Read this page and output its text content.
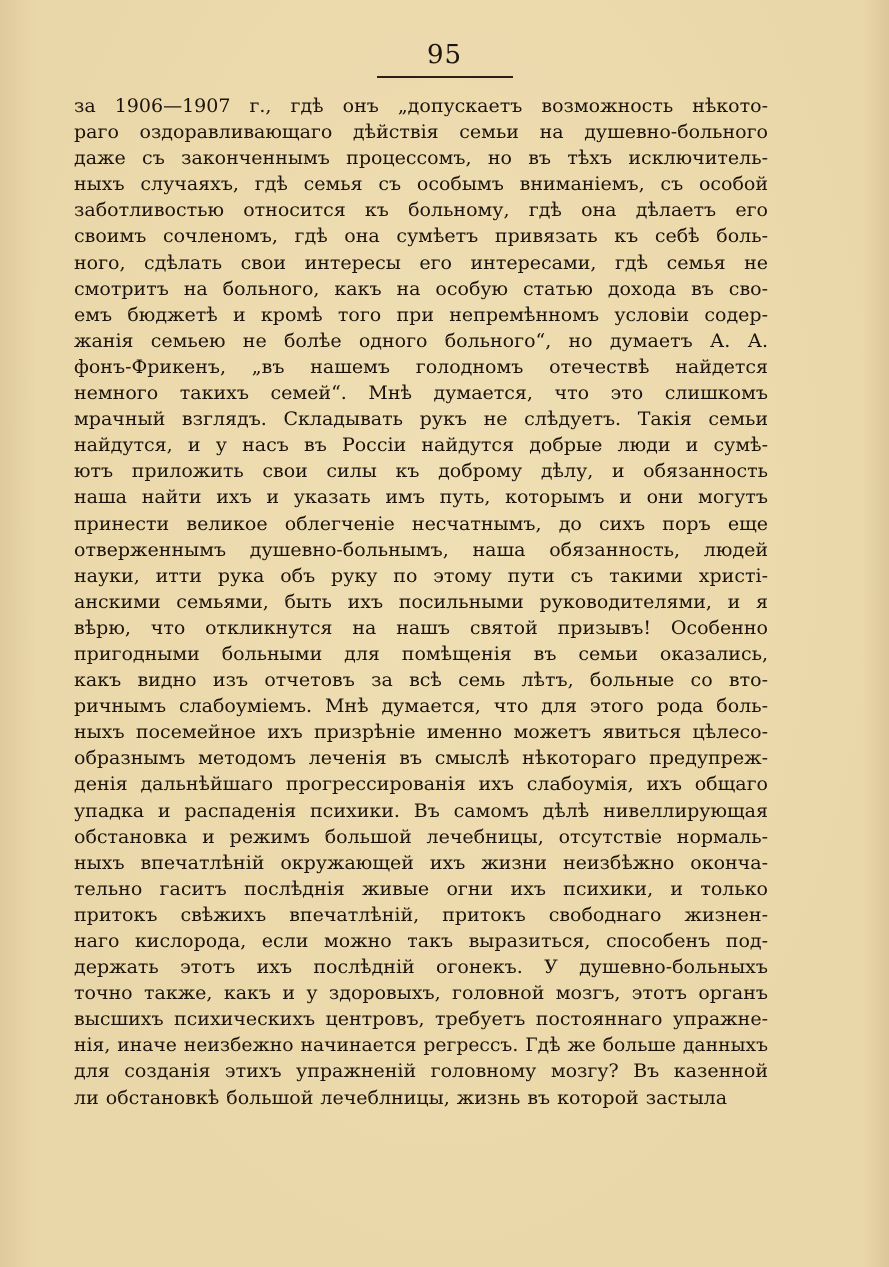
95
за 1906—1907 г., гдѣ онъ „допускаетъ возможность нѣкото-
раго оздоравливающаго дѣйствія семьи на душевно-больного
даже съ законченнымъ процессомъ, но въ тѣхъ исключитель-
ныхъ случаяхъ, гдѣ семья съ особымъ вниманіемъ, съ особой
заботливостью относится къ больному, гдѣ она дѣлаетъ его
своимъ сочленомъ, гдѣ она сумѣетъ привязать къ себѣ боль-
ного, сдѣлать свои интересы его интересами, гдѣ семья не
смотритъ на больного, какъ на особую статью дохода въ сво-
емъ бюджетѣ и кромѣ того при непремѣнномъ условіи содер-
жанія семьею не болѣе одного больного“, но думаетъ А. А.
фонъ-Фрикенъ, „въ нашемъ голодномъ отечествѣ найдется
немного такихъ семей“. Мнѣ думается, что это слишкомъ
мрачный взглядъ. Складывать рукъ не слѣдуетъ. Такія семьи
найдутся, и у насъ въ Россіи найдутся добрые люди и сумѣ-
ютъ приложить свои силы къ доброму дѣлу, и обязанность
наша найти ихъ и указать имъ путь, которымъ и они могутъ
принести великое облегченіе несчатнымъ, до сихъ поръ еще
отверженнымъ душевно-больнымъ, наша обязанность, людей
науки, итти рука объ руку по этому пути съ такими христі-
анскими семьями, быть ихъ посильными руководителями, и я
вѣрю, что откликнутся на нашъ святой призывъ! Особенно
пригодными больными для помѣщенія въ семьи оказались,
какъ видно изъ отчетовъ за всѣ семь лѣтъ, больные со вто-
ричнымъ слабоуміемъ. Мнѣ думается, что для этого рода боль-
ныхъ посемейное ихъ призрѣніе именно можетъ явиться цѣлесо-
образнымъ методомъ леченія въ смыслѣ нѣкотораго предупреж-
денія дальнѣйшаго прогрессированія ихъ слабоумія, ихъ общаго
упадка и распаденія психики. Въ самомъ дѣлѣ нивеллирующая
обстановка и режимъ большой лечебницы, отсутствіе нормаль-
ныхъ впечатлѣній окружающей ихъ жизни неизбѣжно оконча-
тельно гаситъ послѣднія живые огни ихъ психики, и только
притокъ свѣжихъ впечатлѣній, притокъ свободнаго жизнен-
наго кислорода, если можно такъ выразиться, способенъ под-
держать этотъ ихъ послѣдній огонекъ. У душевно-больныхъ
точно также, какъ и у здоровыхъ, головной мозгъ, этотъ органъ
высшихъ психическихъ центровъ, требуетъ постояннаго упражне-
нія, иначе неизбежно начинается регрессъ. Гдѣ же больше данныхъ
для созданія этихъ упражненій головному мозгу? Въ казенной
ли обстановкѣ большой лечеблницы, жизнь въ которой застыла
